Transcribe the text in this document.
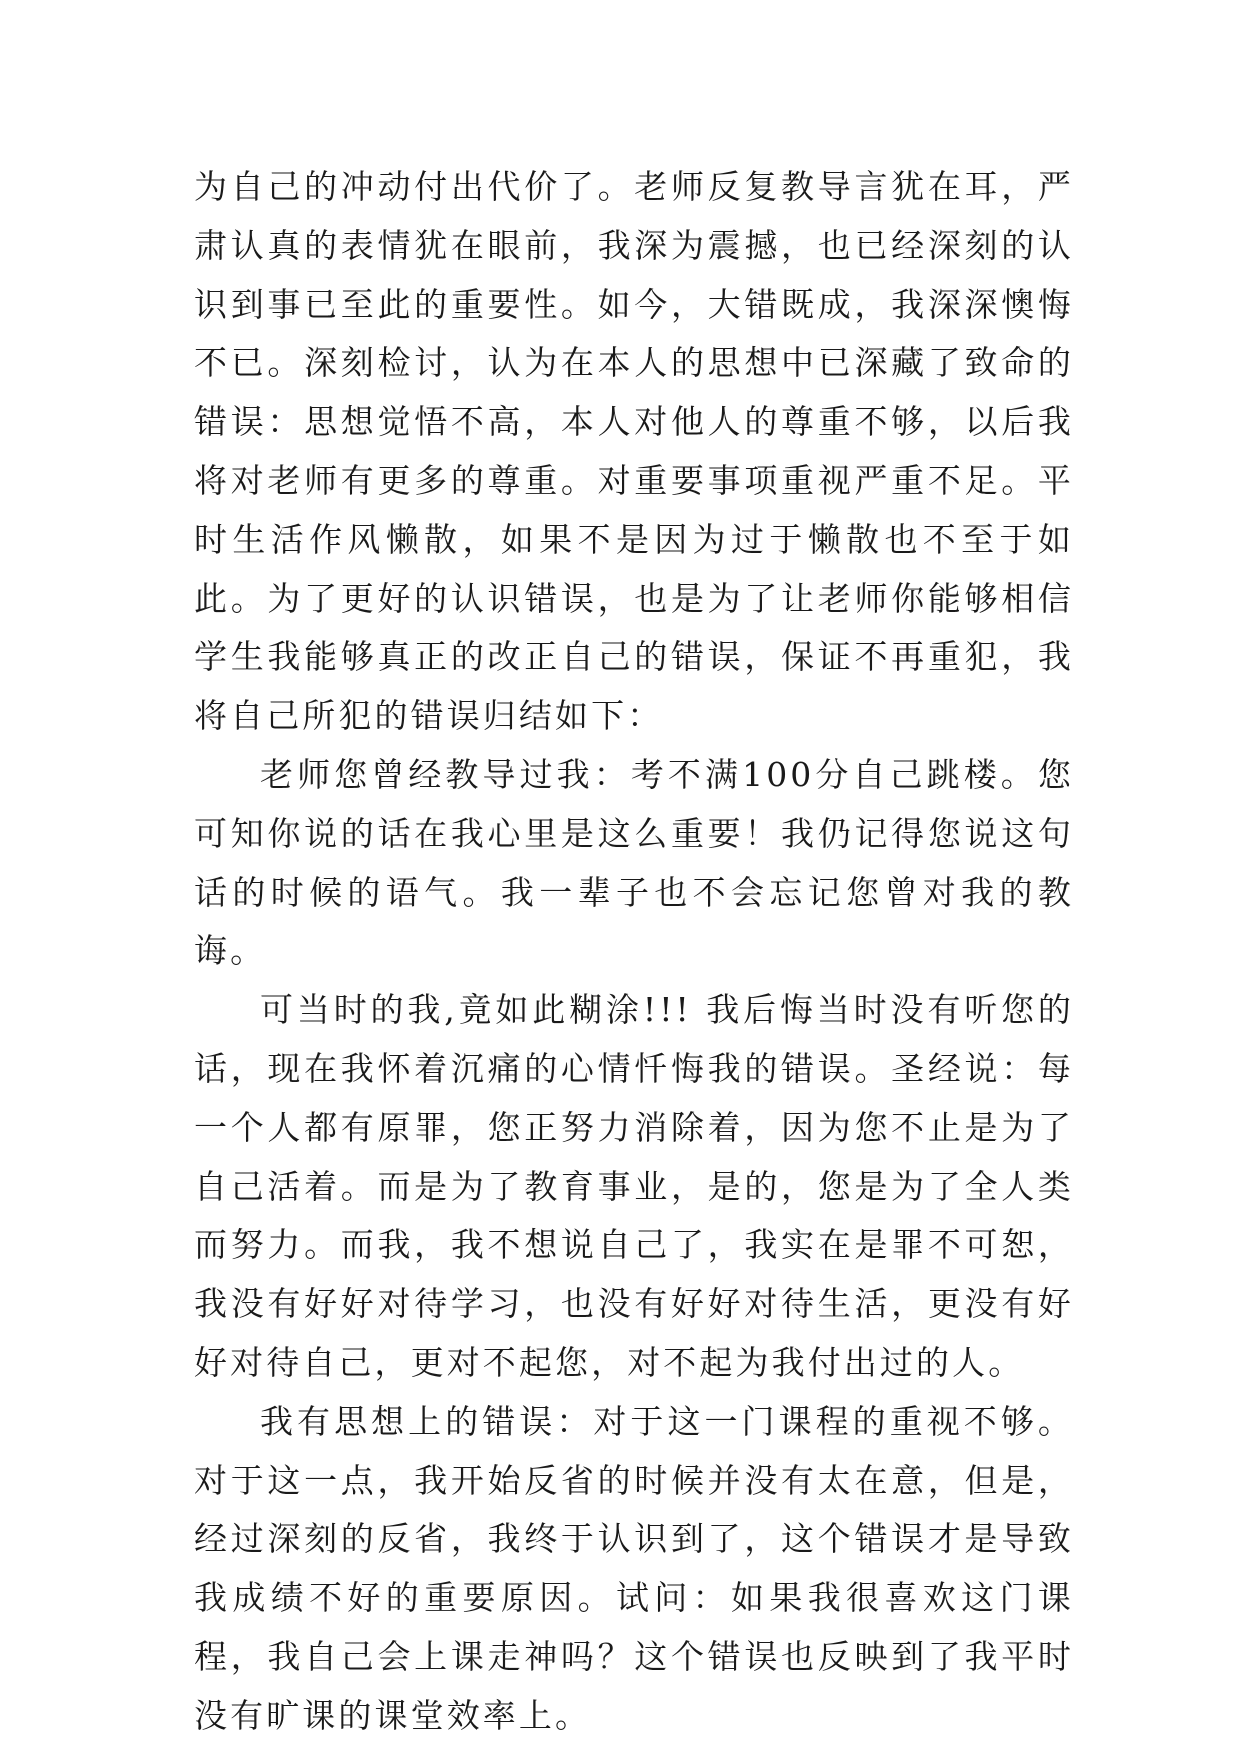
为自己的冲动付出代价了。老师反复教导言犹在耳，严肃认真的表情犹在眼前，我深为震撼，也已经深刻的认识到事已至此的重要性。如今，大错既成，我深深懊悔不已。深刻检讨，认为在本人的思想中已深藏了致命的错误：思想觉悟不高，本人对他人的尊重不够，以后我将对老师有更多的尊重。对重要事项重视严重不足。平时生活作风懒散，如果不是因为过于懒散也不至于如此。为了更好的认识错误，也是为了让老师你能够相信学生我能够真正的改正自己的错误，保证不再重犯，我将自己所犯的错误归结如下：

老师您曾经教导过我：考不满100分自己跳楼。您可知你说的话在我心里是这么重要！我仍记得您说这句话的时候的语气。我一辈子也不会忘记您曾对我的教诲。

可当时的我,竟如此糊涂!!! 我后悔当时没有听您的话，现在我怀着沉痛的心情忏悔我的错误。圣经说：每一个人都有原罪，您正努力消除着，因为您不止是为了自己活着。而是为了教育事业，是的，您是为了全人类而努力。而我，我不想说自己了，我实在是罪不可恕，我没有好好对待学习，也没有好好对待生活，更没有好好对待自己，更对不起您，对不起为我付出过的人。

我有思想上的错误：对于这一门课程的重视不够。对于这一点，我开始反省的时候并没有太在意，但是，经过深刻的反省，我终于认识到了，这个错误才是导致我成绩不好的重要原因。试问：如果我很喜欢这门课程，我自己会上课走神吗？这个错误也反映到了我平时没有旷课的课堂效率上。
